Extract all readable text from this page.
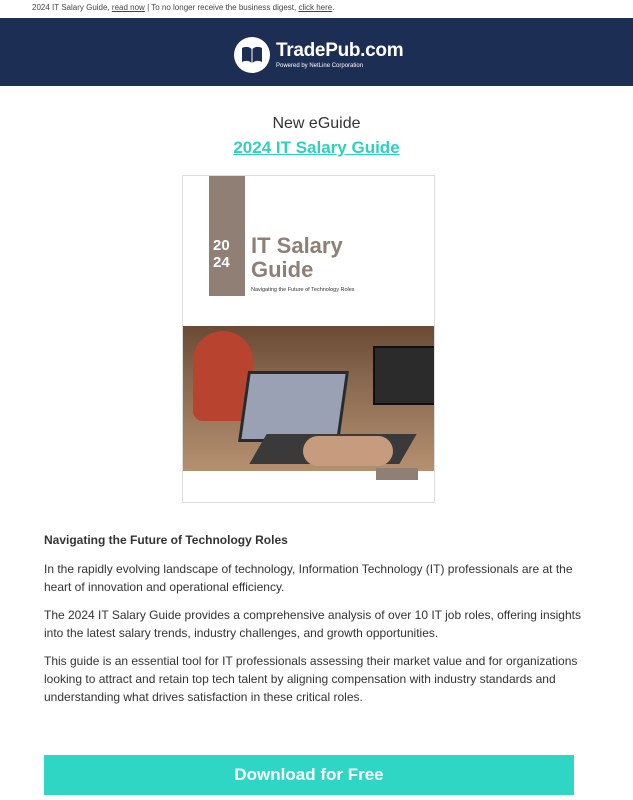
2024 IT Salary Guide, read now | To no longer receive the business digest, click here.
TradePub.com
Powered by NetLine Corporation
New eGuide
2024 IT Salary Guide
20
24
IT Salary
Guide
Navigating the Future of Technology Roles
Navigating the Future of Technology Roles

In the rapidly evolving landscape of technology, Information Technology (IT) professionals are at the heart of innovation and operational efficiency.

The 2024 IT Salary Guide provides a comprehensive analysis of over 10 IT job roles, offering insights into the latest salary trends, industry challenges, and growth opportunities.

This guide is an essential tool for IT professionals assessing their market value and for organizations looking to attract and retain top tech talent by aligning compensation with industry standards and understanding what drives satisfaction in these critical roles.

Download for Free
